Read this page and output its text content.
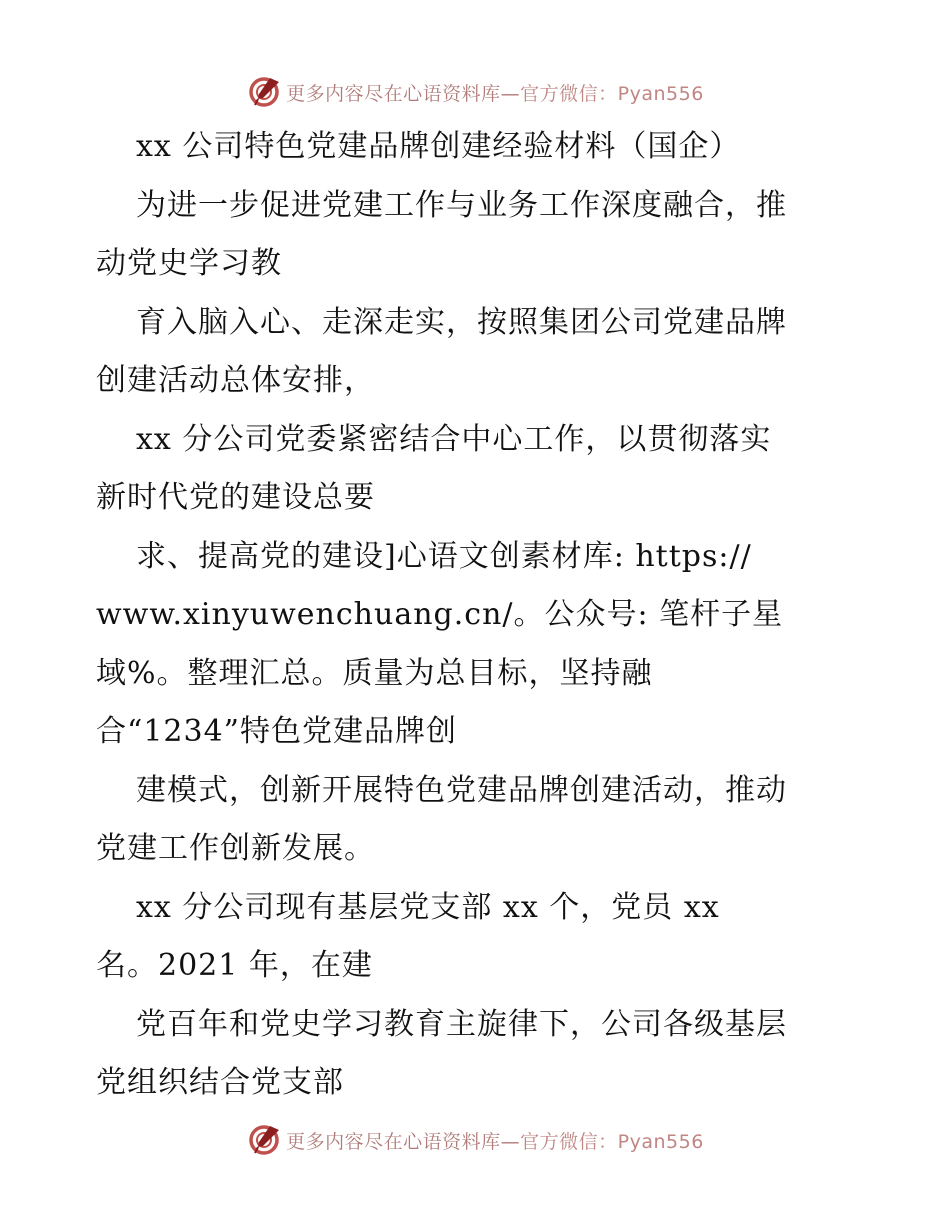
更多内容尽在心语资料库—官方微信：Pyan556
xx 公司特色党建品牌创建经验材料（国企）
为进一步促进党建工作与业务工作深度融合，推
动党史学习教
育入脑入心、走深走实，按照集团公司党建品牌
创建活动总体安排，
xx 分公司党委紧密结合中心工作，以贯彻落实
新时代党的建设总要
求、提高党的建设]心语文创素材库: https://
www.xinyuwenchuang.cn/。公众号: 笔杆子星
域%。整理汇总。质量为总目标，坚持融
合“1234”特色党建品牌创
建模式，创新开展特色党建品牌创建活动，推动
党建工作创新发展。
xx 分公司现有基层党支部 xx 个，党员 xx
名。2021 年，在建
党百年和党史学习教育主旋律下，公司各级基层
党组织结合党支部
更多内容尽在心语资料库—官方微信：Pyan556
